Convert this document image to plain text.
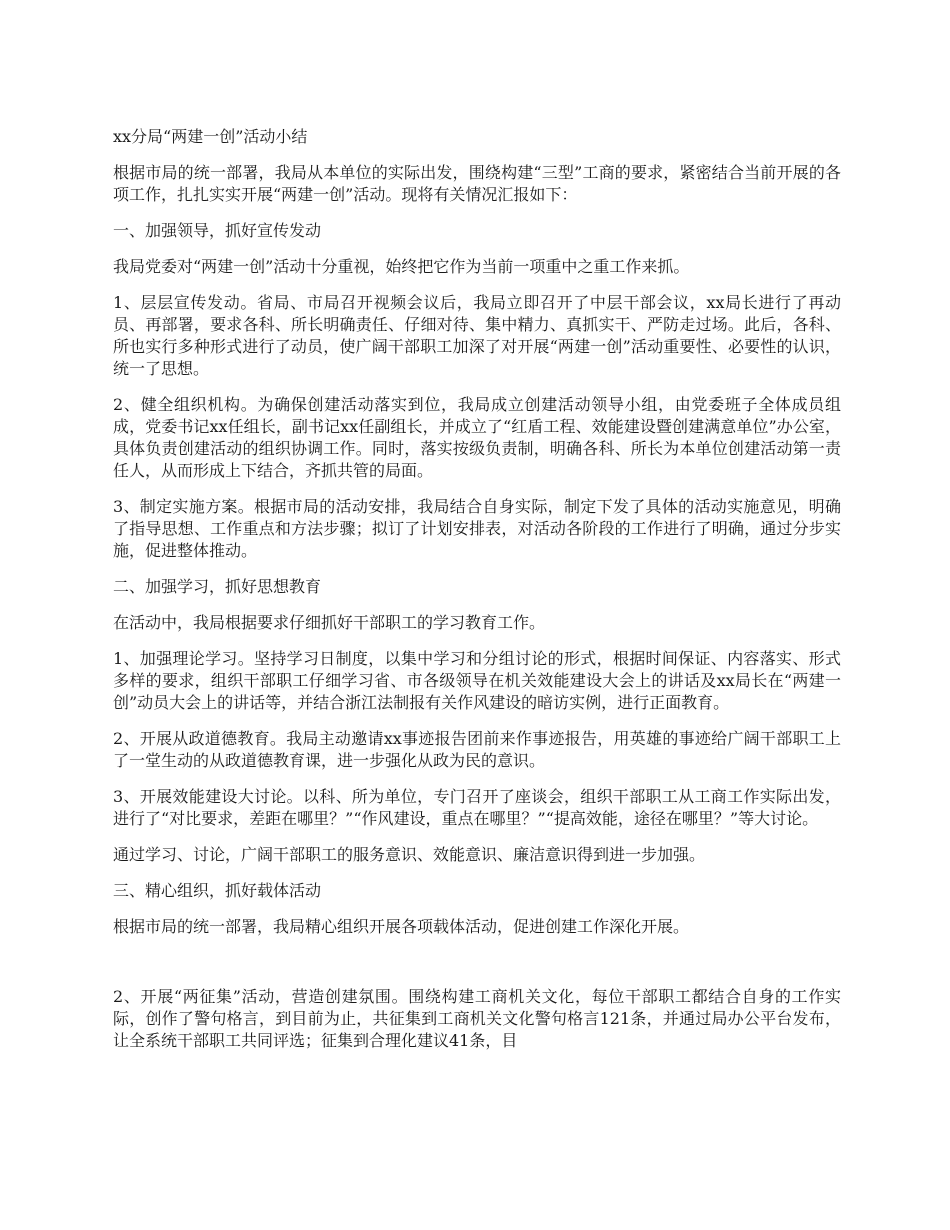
xx分局“两建一创”活动小结

根据市局的统一部署，我局从本单位的实际出发，围绕构建“三型”工商的要求，紧密结合当前开展的各项工作，扎扎实实开展“两建一创”活动。现将有关情况汇报如下：

一、加强领导，抓好宣传发动

我局党委对“两建一创”活动十分重视，始终把它作为当前一项重中之重工作来抓。

1、层层宣传发动。省局、市局召开视频会议后，我局立即召开了中层干部会议，xx局长进行了再动员、再部署，要求各科、所长明确责任、仔细对待、集中精力、真抓实干、严防走过场。此后，各科、所也实行多种形式进行了动员，使广阔干部职工加深了对开展“两建一创”活动重要性、必要性的认识，统一了思想。

2、健全组织机构。为确保创建活动落实到位，我局成立创建活动领导小组，由党委班子全体成员组成，党委书记xx任组长，副书记xx任副组长，并成立了“红盾工程、效能建设暨创建满意单位”办公室，具体负责创建活动的组织协调工作。同时，落实按级负责制，明确各科、所长为本单位创建活动第一责任人，从而形成上下结合，齐抓共管的局面。

3、制定实施方案。根据市局的活动安排，我局结合自身实际，制定下发了具体的活动实施意见，明确了指导思想、工作重点和方法步骤；拟订了计划安排表，对活动各阶段的工作进行了明确，通过分步实施，促进整体推动。

二、加强学习，抓好思想教育

在活动中，我局根据要求仔细抓好干部职工的学习教育工作。

1、加强理论学习。坚持学习日制度，以集中学习和分组讨论的形式，根据时间保证、内容落实、形式多样的要求，组织干部职工仔细学习省、市各级领导在机关效能建设大会上的讲话及xx局长在“两建一创”动员大会上的讲话等，并结合浙江法制报有关作风建设的暗访实例，进行正面教育。

2、开展从政道德教育。我局主动邀请xx事迹报告团前来作事迹报告，用英雄的事迹给广阔干部职工上了一堂生动的从政道德教育课，进一步强化从政为民的意识。

3、开展效能建设大讨论。以科、所为单位，专门召开了座谈会，组织干部职工从工商工作实际出发，进行了“对比要求，差距在哪里？”“作风建设，重点在哪里？”“提高效能，途径在哪里？”等大讨论。

通过学习、讨论，广阔干部职工的服务意识、效能意识、廉洁意识得到进一步加强。

三、精心组织，抓好载体活动

根据市局的统一部署，我局精心组织开展各项载体活动，促进创建工作深化开展。

2、开展“两征集”活动，营造创建氛围。围绕构建工商机关文化，每位干部职工都结合自身的工作实际，创作了警句格言，到目前为止，共征集到工商机关文化警句格言121条，并通过局办公平台发布，让全系统干部职工共同评选；征集到合理化建议41条，目
